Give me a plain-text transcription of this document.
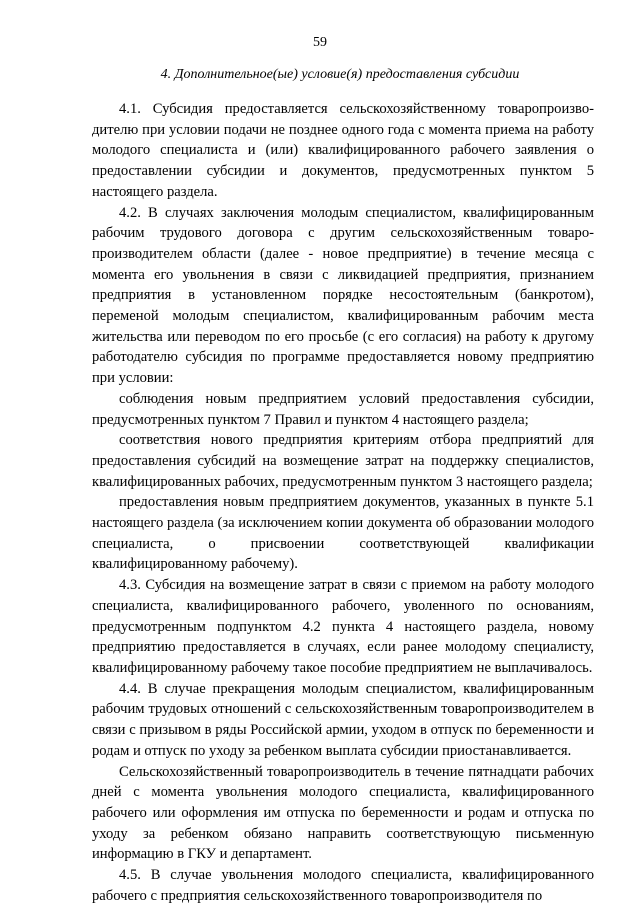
59
4. Дополнительное(ые) условие(я) предоставления субсидии

4.1. Субсидия предоставляется сельскохозяйственному товаропроизводителю при условии подачи не позднее одного года с момента приема на работу молодого специалиста и (или) квалифицированного рабочего заявления о предоставлении субсидии и документов, предусмотренных пунктом 5 настоящего раздела.

4.2. В случаях заключения молодым специалистом, квалифицированным рабочим трудового договора с другим сельскохозяйственным товаропроизводителем области (далее - новое предприятие) в течение месяца с момента его увольнения в связи с ликвидацией предприятия, признанием предприятия в установленном порядке несостоятельным (банкротом), переменой молодым специалистом, квалифицированным рабочим места жительства или переводом по его просьбе (с его согласия) на работу к другому работодателю субсидия по программе предоставляется новому предприятию при условии:

соблюдения новым предприятием условий предоставления субсидии, предусмотренных пунктом 7 Правил и пунктом 4 настоящего раздела;

соответствия нового предприятия критериям отбора предприятий для предоставления субсидий на возмещение затрат на поддержку специалистов, квалифицированных рабочих, предусмотренным пунктом 3 настоящего раздела;

предоставления новым предприятием документов, указанных в пункте 5.1 настоящего раздела (за исключением копии документа об образовании молодого специалиста, о присвоении соответствующей квалификации квалифицированному рабочему).

4.3. Субсидия на возмещение затрат в связи с приемом на работу молодого специалиста, квалифицированного рабочего, уволенного по основаниям, предусмотренным подпунктом 4.2 пункта 4 настоящего раздела, новому предприятию предоставляется в случаях, если ранее молодому специалисту, квалифицированному рабочему такое пособие предприятием не выплачивалось.

4.4. В случае прекращения молодым специалистом, квалифицированным рабочим трудовых отношений с сельскохозяйственным товаропроизводителем в связи с призывом в ряды Российской армии, уходом в отпуск по беременности и родам и отпуск по уходу за ребенком выплата субсидии приостанавливается.

Сельскохозяйственный товаропроизводитель в течение пятнадцати рабочих дней с момента увольнения молодого специалиста, квалифицированного рабочего или оформления им отпуска по беременности и родам и отпуска по уходу за ребенком обязано направить соответствующую письменную информацию в ГКУ и департамент.

4.5. В случае увольнения молодого специалиста, квалифицированного рабочего с предприятия сельскохозяйственного товаропроизводителя по
